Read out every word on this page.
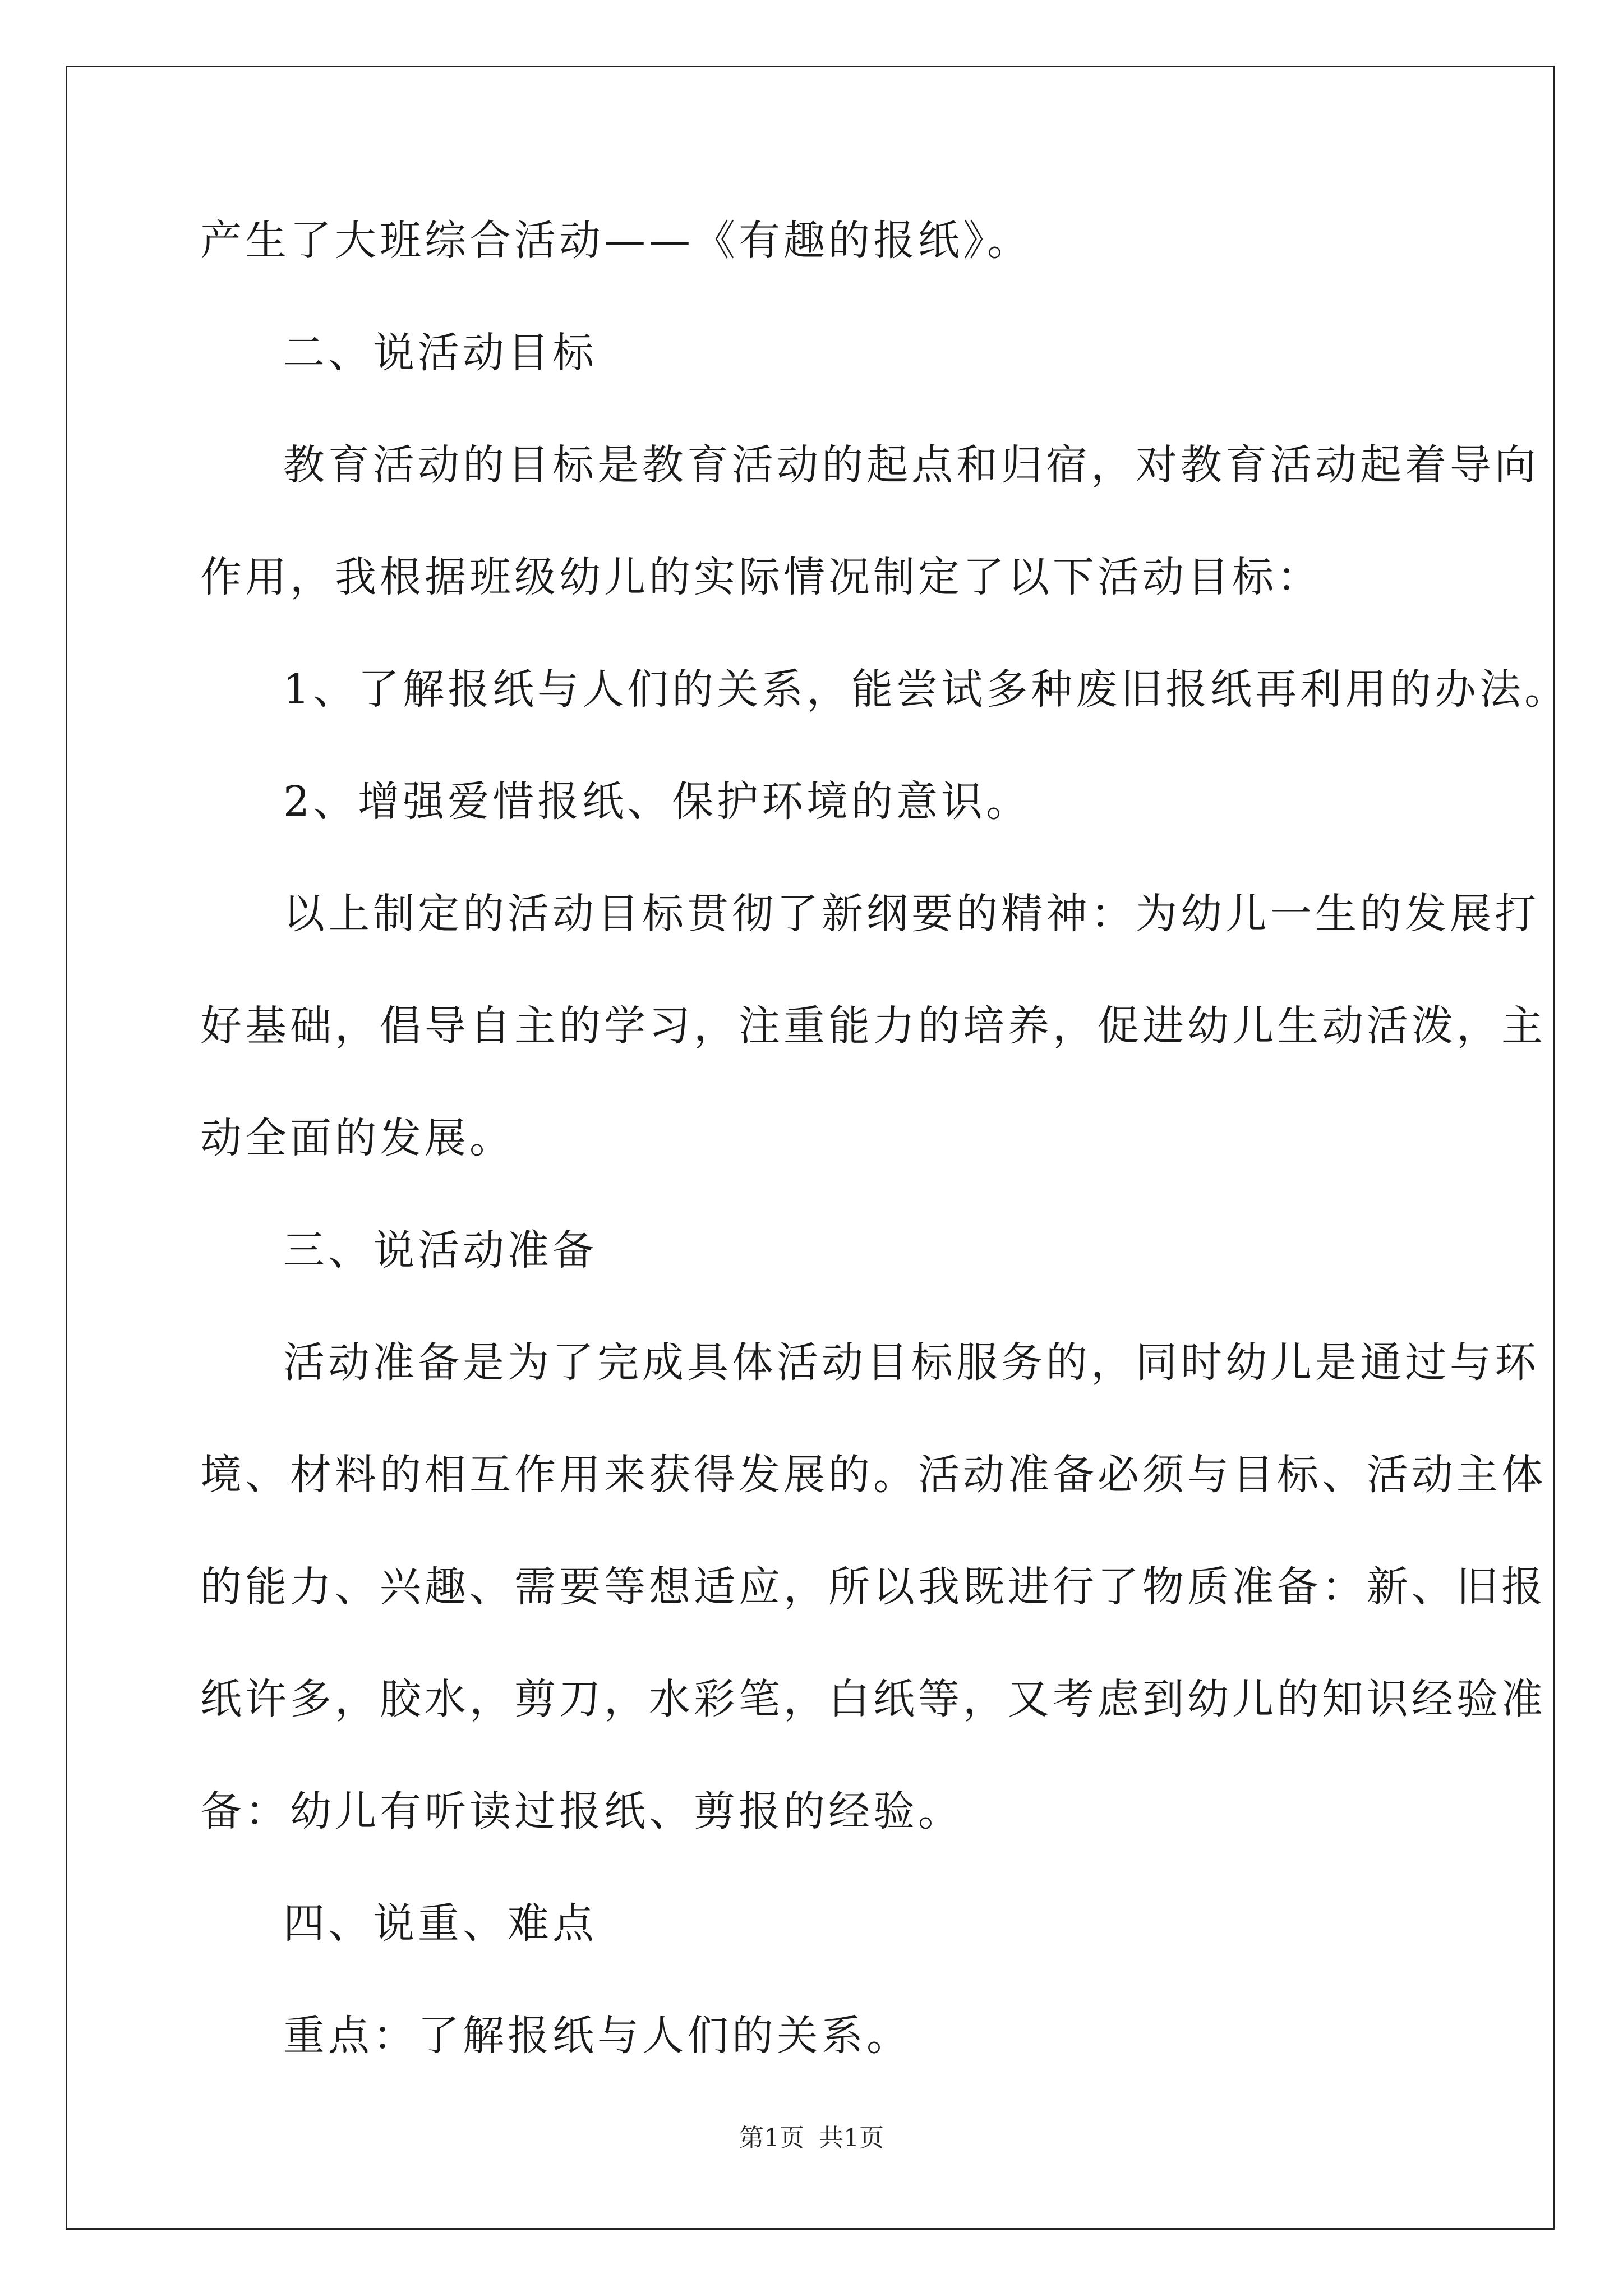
产生了大班综合活动——《有趣的报纸》。
二、说活动目标
教育活动的目标是教育活动的起点和归宿，对教育活动起着导向
作用，我根据班级幼儿的实际情况制定了以下活动目标：
1、了解报纸与人们的关系，能尝试多种废旧报纸再利用的办法。
2、增强爱惜报纸、保护环境的意识。
以上制定的活动目标贯彻了新纲要的精神：为幼儿一生的发展打
好基础，倡导自主的学习，注重能力的培养，促进幼儿生动活泼，主
动全面的发展。
三、说活动准备
活动准备是为了完成具体活动目标服务的，同时幼儿是通过与环
境、材料的相互作用来获得发展的。活动准备必须与目标、活动主体
的能力、兴趣、需要等想适应，所以我既进行了物质准备：新、旧报
纸许多，胶水，剪刀，水彩笔，白纸等，又考虑到幼儿的知识经验准
备：幼儿有听读过报纸、剪报的经验。
四、说重、难点
重点：了解报纸与人们的关系。
第1页 共1页
